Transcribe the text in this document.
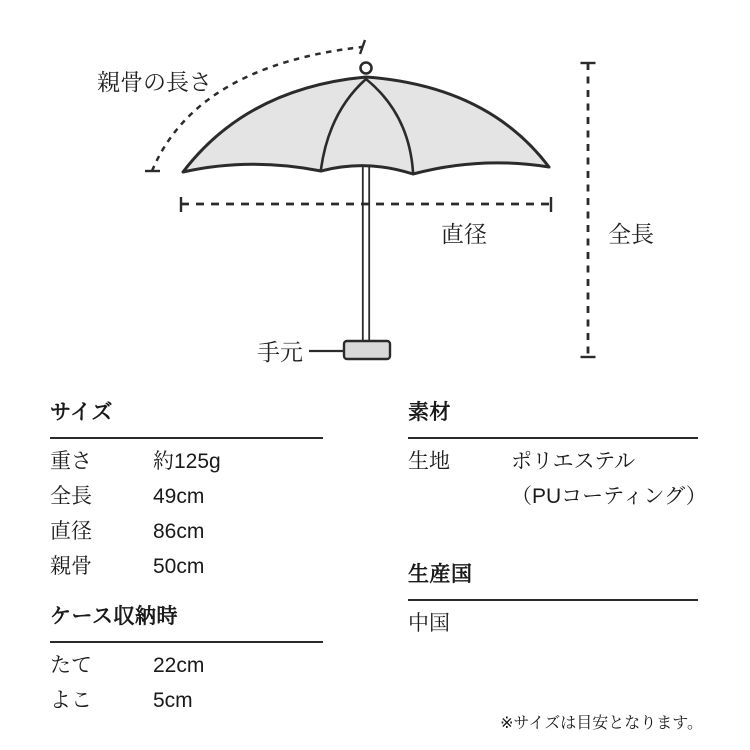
親骨の長さ
直径	全長
手元
サイズ
重さ	約125g
全長	49cm
直径	86cm
親骨	50cm
ケース収納時
たて	22cm
よこ	5cm
素材
生地	ポリエステル
（PUコーティング）
生産国
中国
※サイズは目安となります。
